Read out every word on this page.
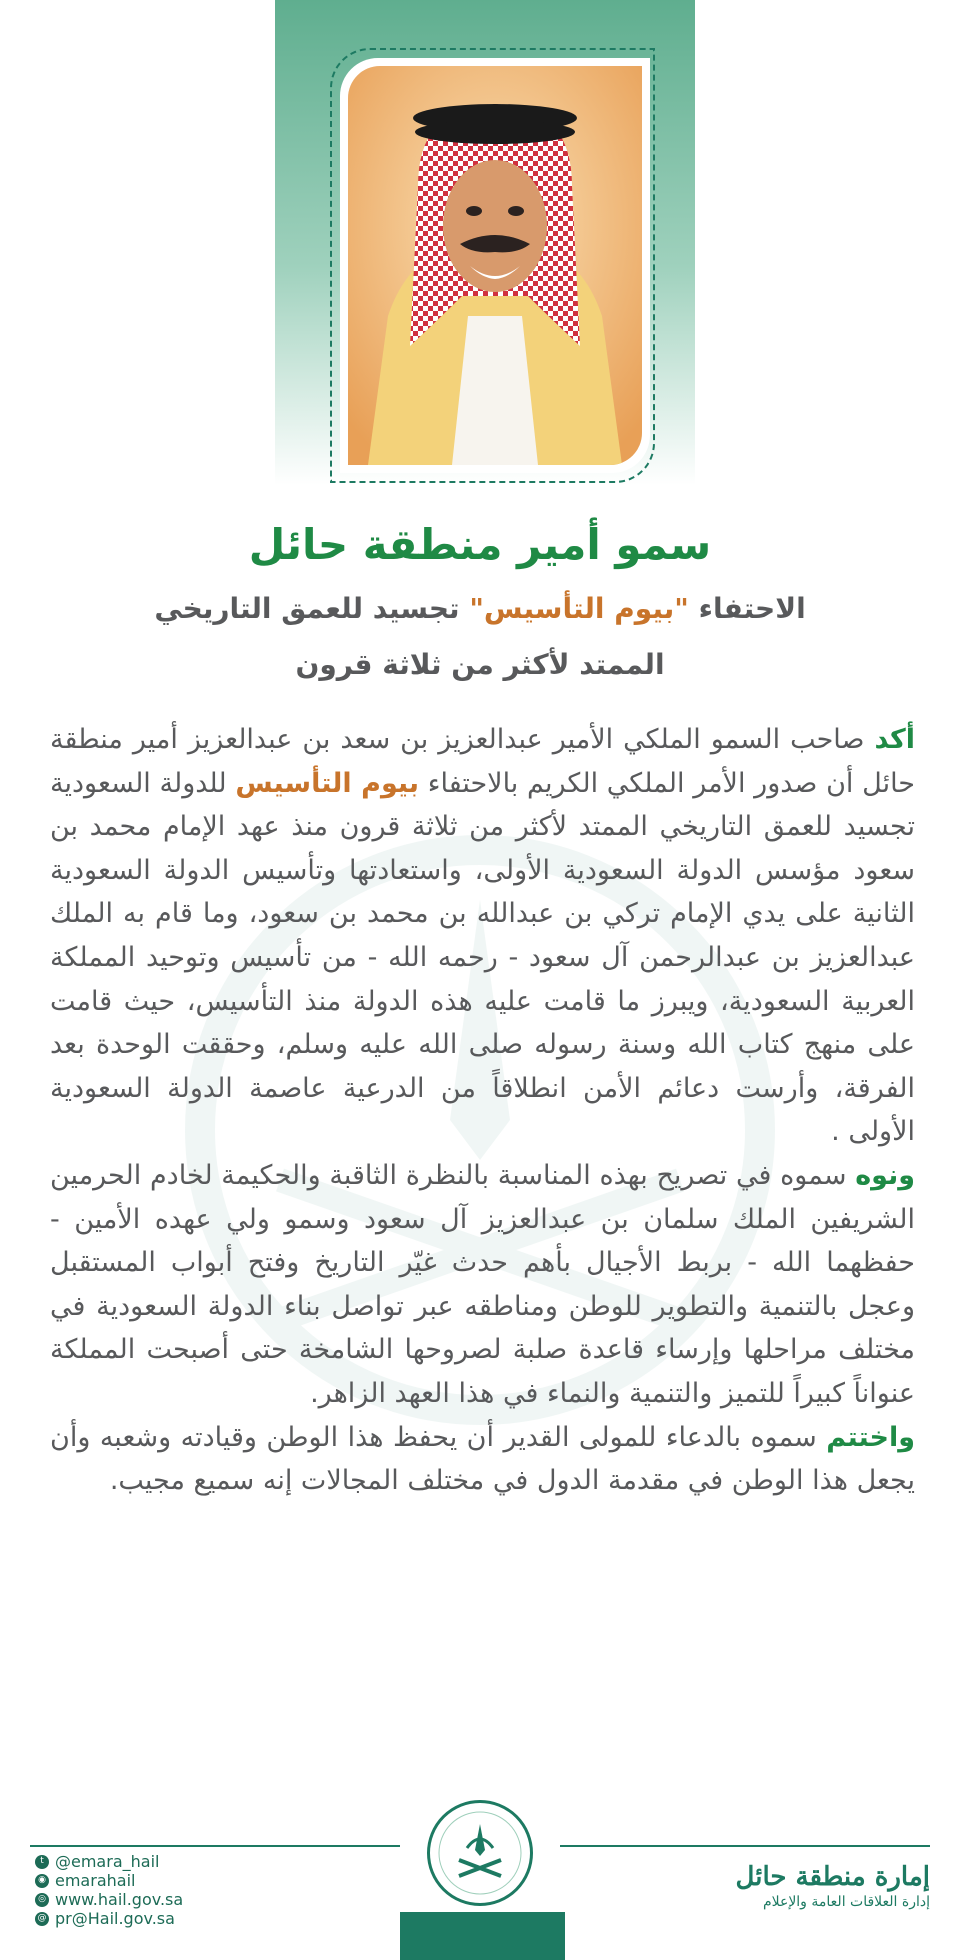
سمو أمير منطقة حائل
الاحتفاء "بيوم التأسيس" تجسيد للعمق التاريخي
الممتد لأكثر من ثلاثة قرون

أكد صاحب السمو الملكي الأمير عبدالعزيز بن سعد بن عبدالعزيز أمير منطقة حائل أن صدور الأمر الملكي الكريم بالاحتفاء بيوم التأسيس للدولة السعودية تجسيد للعمق التاريخي الممتد لأكثر من ثلاثة قرون منذ عهد الإمام محمد بن سعود مؤسس الدولة السعودية الأولى، واستعادتها وتأسيس الدولة السعودية الثانية على يدي الإمام تركي بن عبدالله بن محمد بن سعود، وما قام به الملك عبدالعزيز بن عبدالرحمن آل سعود - رحمه الله - من تأسيس وتوحيد المملكة العربية السعودية، ويبرز ما قامت عليه هذه الدولة منذ التأسيس، حيث قامت على منهج كتاب الله وسنة رسوله صلى الله عليه وسلم، وحققت الوحدة بعد الفرقة، وأرست دعائم الأمن انطلاقاً من الدرعية عاصمة الدولة السعودية الأولى .

ونوه سموه في تصريح بهذه المناسبة بالنظرة الثاقبة والحكيمة لخادم الحرمين الشريفين الملك سلمان بن عبدالعزيز آل سعود وسمو ولي عهده الأمين - حفظهما الله - بربط الأجيال بأهم حدث غيّر التاريخ وفتح أبواب المستقبل وعجل بالتنمية والتطوير للوطن ومناطقه عبر تواصل بناء الدولة السعودية في مختلف مراحلها وإرساء قاعدة صلبة لصروحها الشامخة حتى أصبحت المملكة عنواناً كبيراً للتميز والتنمية والنماء في هذا العهد الزاهر.

واختتم سموه بالدعاء للمولى القدير أن يحفظ هذا الوطن وقيادته وشعبه وأن يجعل هذا الوطن في مقدمة الدول في مختلف المجالات إنه سميع مجيب.

t @emara_hail
◉ emarahail
◎ www.hail.gov.sa
@ pr@Hail.gov.sa
إمارة منطقة حائل
إدارة العلاقات العامة والإعلام
